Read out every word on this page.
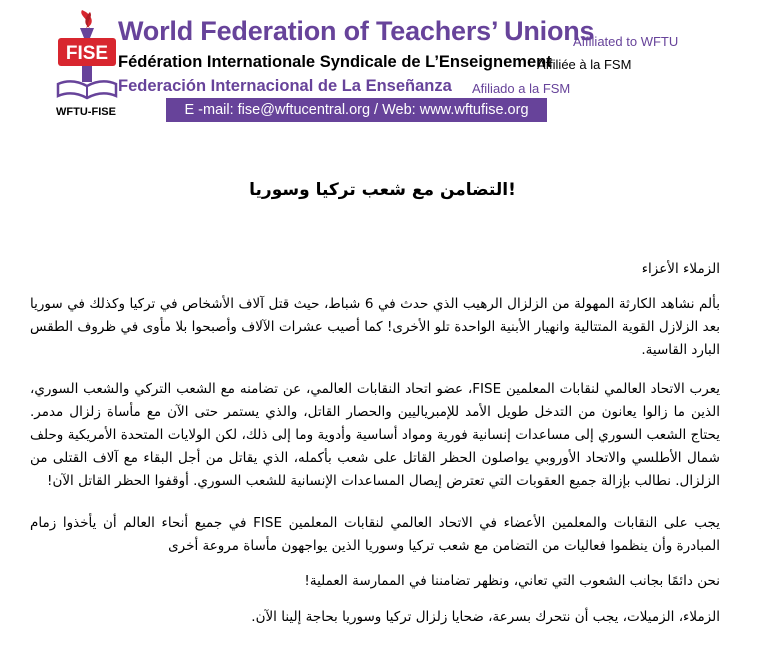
FISE
WFTU-FISE
World Federation of Teachers’ Unions
Affiliated to WFTU
Fédération Internationale Syndicale de L’Enseignement
Affiliée à la FSM
Federación Internacional de La Enseñanza Afiliado a la FSM
E -mail: fise@wftucentral.org / Web: www.wftufise.org
التضامن مع شعب تركيا وسوريا!
الزملاء الأعزاء
بألم نشاهد الكارثة المهولة من الزلزال الرهيب الذي حدث في 6 شباط، حيث قتل آلاف الأشخاص في تركيا وكذلك في سوريا بعد الزلازل القوية المتتالية وانهيار الأبنية الواحدة تلو الأخرى! كما أصيب عشرات الآلاف وأصبحوا بلا مأوى في ظروف الطقس البارد القاسية.
يعرب الاتحاد العالمي لنقابات المعلمين FISE، عضو اتحاد النقابات العالمي، عن تضامنه مع الشعب التركي والشعب السوري، الذين ما زالوا يعانون من التدخل طويل الأمد للإمبرياليين والحصار القاتل، والذي يستمر حتى الآن مع مأساة زلزال مدمر. يحتاج الشعب السوري إلى مساعدات إنسانية فورية ومواد أساسية وأدوية وما إلى ذلك، لكن الولايات المتحدة الأمريكية وحلف شمال الأطلسي والاتحاد الأوروبي يواصلون الحظر القاتل على شعب بأكمله، الذي يقاتل من أجل البقاء مع آلاف القتلى من الزلزال. نطالب بإزالة جميع العقوبات التي تعترض إيصال المساعدات الإنسانية للشعب السوري. أوقفوا الحظر القاتل الآن!
يجب على النقابات والمعلمين الأعضاء في الاتحاد العالمي لنقابات المعلمين FISE في جميع أنحاء العالم أن يأخذوا زمام المبادرة وأن ينظموا فعاليات من التضامن مع شعب تركيا وسوريا الذين يواجهون مأساة مروعة أخرى
نحن دائمًا بجانب الشعوب التي تعاني، ونظهر تضامننا في الممارسة العملية!
الزملاء، الزميلات، يجب أن نتحرك بسرعة، ضحايا زلزال تركيا وسوريا بحاجة إلينا الآن.
